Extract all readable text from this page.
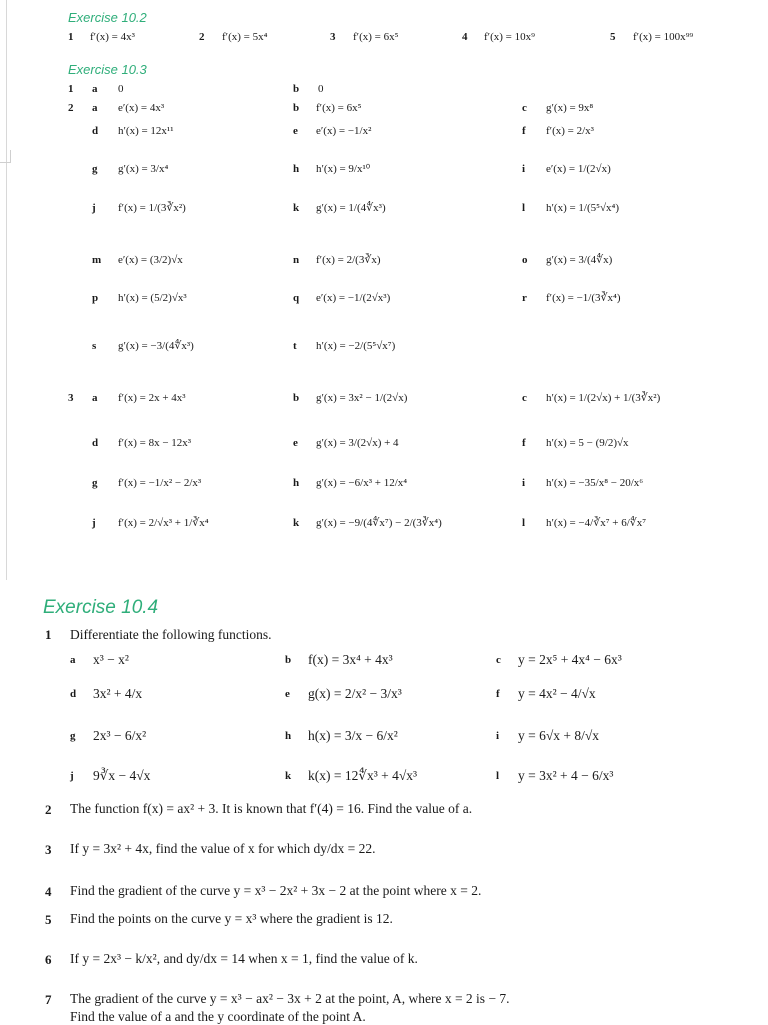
Exercise 10.2
1 f′(x) = 4x³	2 f′(x) = 5x⁴	3 f′(x) = 6x⁵	4 f′(x) = 10x⁹	5 f′(x) = 100x⁹⁹
Exercise 10.3
1 a 0	b 0
2 a e′(x) = 4x³	b f′(x) = 6x⁵	c g′(x) = 9x⁸
d h′(x) = 12x¹¹	e e′(x) = −1/x²	f f′(x) = 2/x³
g g′(x) = 3/x⁴	h h′(x) = 9/x¹⁰	i e′(x) = 1/(2√x)
j f′(x) = 1/(3∛x²)	k g′(x) = 1/(4∜x³)	l h′(x) = 1/(5⁵√x⁴)
m e′(x) = (3/2)√x	n f′(x) = 2/(3∛x)	o g′(x) = 3/(4∜x)
p h′(x) = (5/2)√x³	q e′(x) = −1/(2√x³)	r f′(x) = −1/(3∛x⁴)
s g′(x) = −3/(4∜x³)	t h′(x) = −2/(5⁵√x⁷)
3 a f′(x) = 2x + 4x³	b g′(x) = 3x² − 1/(2√x)	c h′(x) = 1/(2√x) + 1/(3∛x²)
d f′(x) = 8x − 12x³	e g′(x) = 3/(2√x) + 4	f h′(x) = 5 − (9/2)√x
g f′(x) = −1/x² − 2/x³	h g′(x) = −6/x³ + 12/x⁴	i h′(x) = −35/x⁸ − 20/x⁶
j f′(x) = 2/√x³ + 1/∛x⁴	k g′(x) = −9/(4∜x⁷) − 2/(3∛x⁴)	l h′(x) = −4/∛x⁷ + 6/∜x⁷
Exercise 10.4
1 Differentiate the following functions.
a x³ − x²	b f(x) = 3x⁴ + 4x³	c y = 2x⁵ + 4x⁴ − 6x³
d 3x² + 4/x	e g(x) = 2/x² − 3/x³	f y = 4x² − 4/√x
g 2x³ − 6/x²	h h(x) = 3/x − 6/x²	i y = 6√x + 8/√x
j 9∛x − 4√x	k k(x) = 12∜x³ + 4√x³	l y = 3x² + 4 − 6/x³
2 The function f(x) = ax² + 3. It is known that f′(4) = 16. Find the value of a.
3 If y = 3x² + 4x, find the value of x for which dy/dx = 22.
4 Find the gradient of the curve y = x³ − 2x² + 3x − 2 at the point where x = 2.
5 Find the points on the curve y = x³ where the gradient is 12.
6 If y = 2x³ − k/x², and dy/dx = 14 when x = 1, find the value of k.
7 The gradient of the curve y = x³ − ax² − 3x + 2 at the point, A, where x = 2 is − 7.
Find the value of a and the y coordinate of the point A.
